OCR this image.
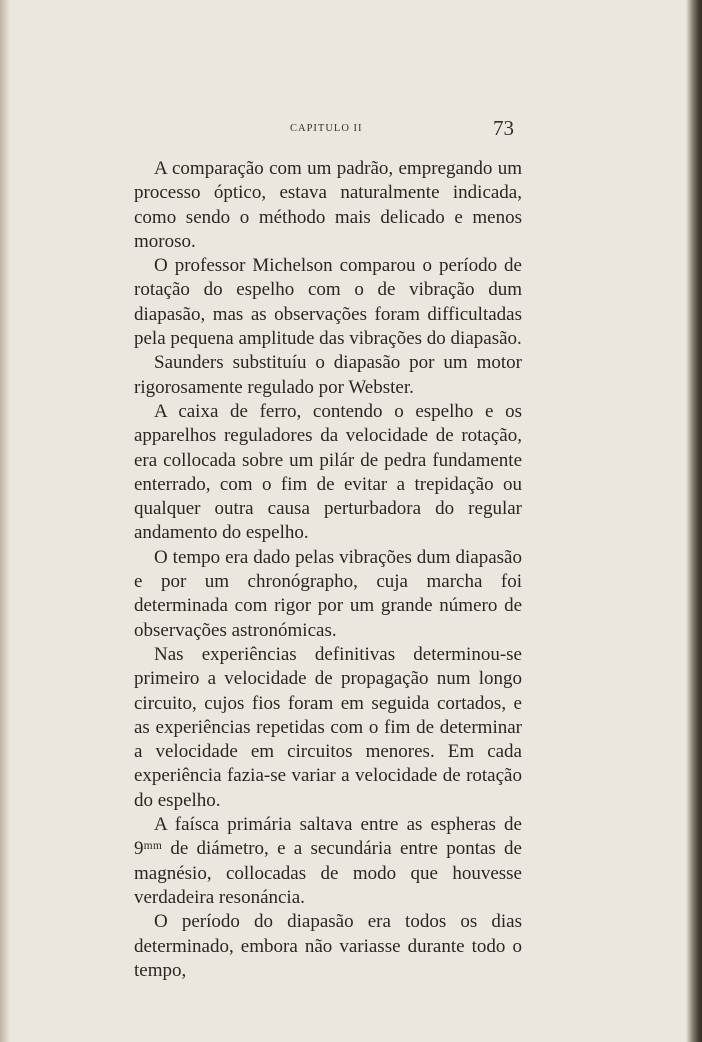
CAPITULO II	73

A comparação com um padrão, empregando um processo óptico, estava naturalmente indicada, como sendo o méthodo mais delicado e menos moroso.

O professor Michelson comparou o período de rotação do espelho com o de vibração dum diapasão, mas as observações foram difficultadas pela pequena amplitude das vibrações do diapasão.

Saunders substituíu o diapasão por um motor rigorosamente regulado por Webster.

A caixa de ferro, contendo o espelho e os apparelhos reguladores da velocidade de rotação, era collocada sobre um pilár de pedra fundamente enterrado, com o fim de evitar a trepidação ou qualquer outra causa perturbadora do regular andamento do espelho.

O tempo era dado pelas vibrações dum diapasão e por um chronógrapho, cuja marcha foi determinada com rigor por um grande número de observações astronómicas.

Nas experiências definitivas determinou-se primeiro a velocidade de propagação num longo circuito, cujos fios foram em seguida cortados, e as experiências repetidas com o fim de determinar a velocidade em circuitos menores. Em cada experiência fazia-se variar a velocidade de rotação do espelho.

A faísca primária saltava entre as espheras de 9ᵐᵐ de diámetro, e a secundária entre pontas de magnésio, collocadas de modo que houvesse verdadeira resonáncia.

O período do diapasão era todos os dias determinado, embora não variasse durante todo o tempo,
